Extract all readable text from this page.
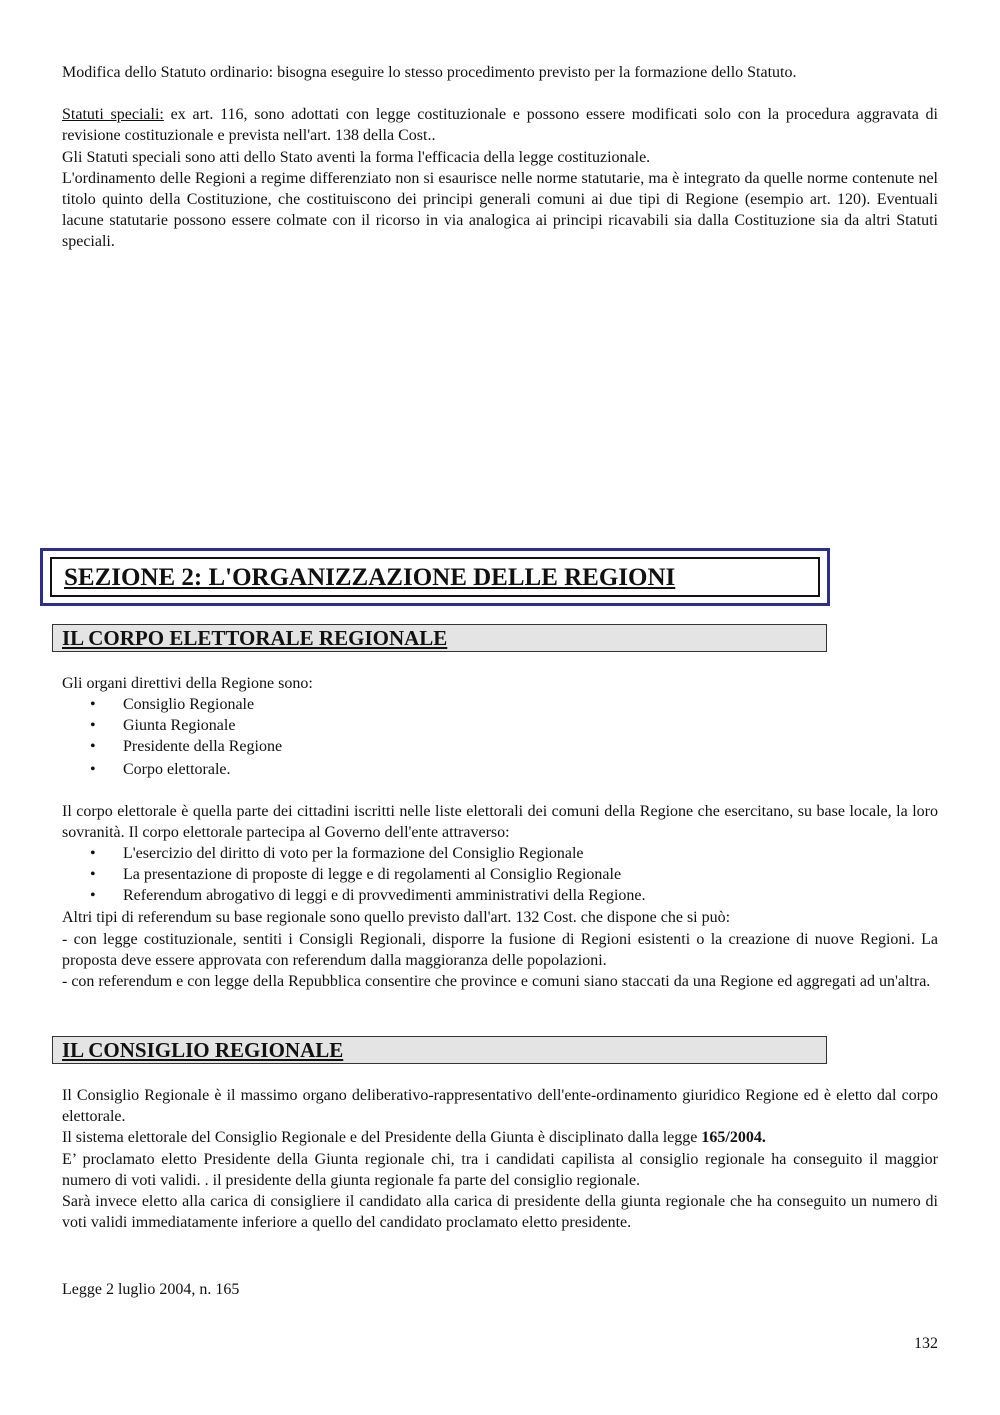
Modifica dello Statuto ordinario: bisogna eseguire lo stesso procedimento previsto per la formazione dello Statuto.

Statuti speciali: ex art. 116, sono adottati con legge costituzionale e possono essere modificati solo con la procedura aggravata di revisione costituzionale e prevista nell'art. 138 della Cost..

Gli Statuti speciali sono atti dello Stato aventi la forma l'efficacia della legge costituzionale.

L'ordinamento delle Regioni a regime differenziato non si esaurisce nelle norme statutarie, ma è integrato da quelle norme contenute nel titolo quinto della Costituzione, che costituiscono dei principi generali comuni ai due tipi di Regione (esempio art. 120). Eventuali lacune statutarie possono essere colmate con il ricorso in via analogica ai principi ricavabili sia dalla Costituzione sia da altri Statuti speciali.

SEZIONE 2: L'ORGANIZZAZIONE DELLE REGIONI
IL CORPO ELETTORALE REGIONALE

Gli organi direttivi della Regione sono:

• Consiglio Regionale
• Giunta Regionale
• Presidente della Regione
• Corpo elettorale.

Il corpo elettorale è quella parte dei cittadini iscritti nelle liste elettorali dei comuni della Regione che esercitano, su base locale, la loro sovranità. Il corpo elettorale partecipa al Governo dell'ente attraverso:

• L'esercizio del diritto di voto per la formazione del Consiglio Regionale
• La presentazione di proposte di legge e di regolamenti al Consiglio Regionale
• Referendum abrogativo di leggi e di provvedimenti amministrativi della Regione.

Altri tipi di referendum su base regionale sono quello previsto dall'art. 132 Cost. che dispone che si può:

- con legge costituzionale, sentiti i Consigli Regionali, disporre la fusione di Regioni esistenti o la creazione di nuove Regioni. La proposta deve essere approvata con referendum dalla maggioranza delle popolazioni.

- con referendum e con legge della Repubblica consentire che province e comuni siano staccati da una Regione ed aggregati ad un'altra.

IL CONSIGLIO REGIONALE

Il Consiglio Regionale è il massimo organo deliberativo-rappresentativo dell'ente-ordinamento giuridico Regione ed è eletto dal corpo elettorale.

Il sistema elettorale del Consiglio Regionale e del Presidente della Giunta è disciplinato dalla legge 165/2004.

E’ proclamato eletto Presidente della Giunta regionale chi, tra i candidati capilista al consiglio regionale ha conseguito il maggior numero di voti validi. . il presidente della giunta regionale fa parte del consiglio regionale.

Sarà invece eletto alla carica di consigliere il candidato alla carica di presidente della giunta regionale che ha conseguito un numero di voti validi immediatamente inferiore a quello del candidato proclamato eletto presidente.

Legge 2 luglio 2004, n. 165

132
